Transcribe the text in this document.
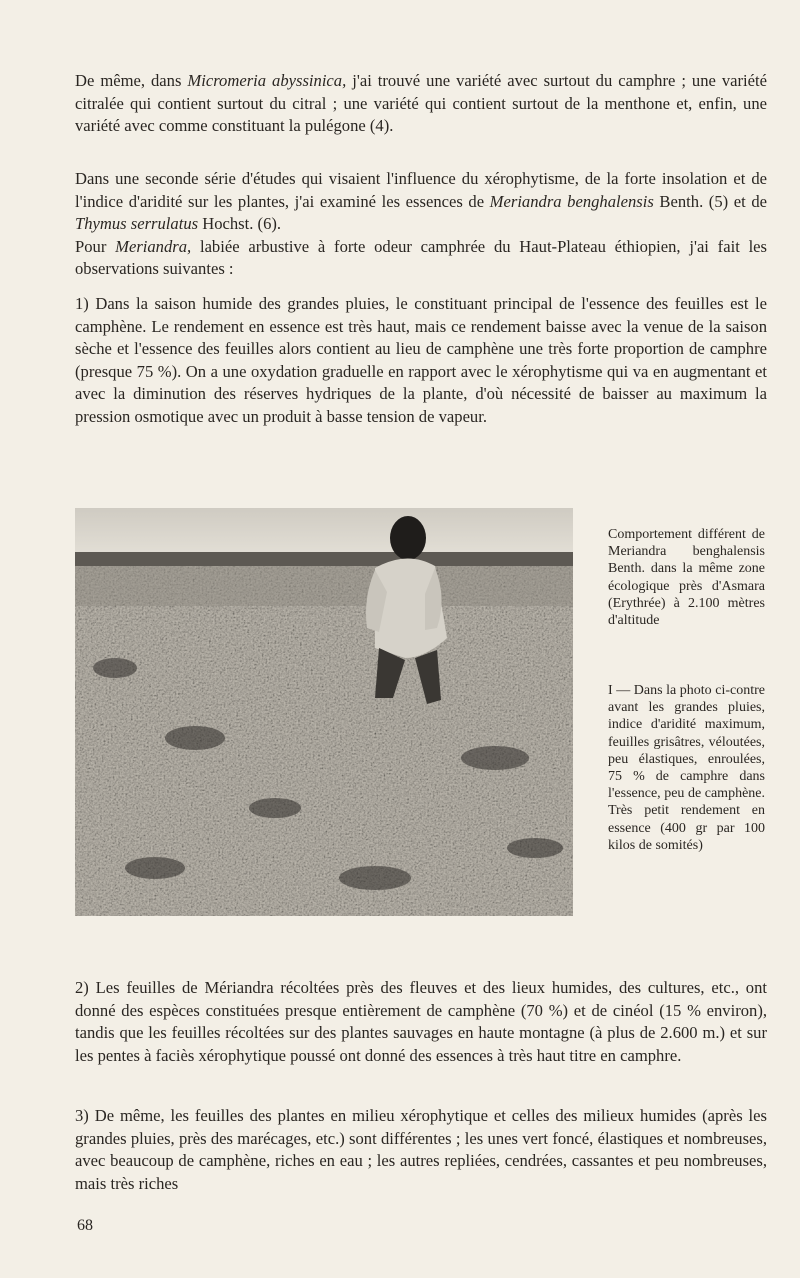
De même, dans Micromeria abyssinica, j'ai trouvé une variété avec surtout du camphre ; une variété citralée qui contient surtout du citral ; une variété qui contient surtout de la menthone et, enfin, une variété avec comme constituant la pulégone (4).

Dans une seconde série d'études qui visaient l'influence du xérophytisme, de la forte insolation et de l'indice d'aridité sur les plantes, j'ai examiné les essences de Meriandra benghalensis Benth. (5) et de Thymus serrulatus Hochst. (6).

Pour Meriandra, labiée arbustive à forte odeur camphrée du Haut-Plateau éthiopien, j'ai fait les observations suivantes :

1) Dans la saison humide des grandes pluies, le constituant principal de l'essence des feuilles est le camphène. Le rendement en essence est très haut, mais ce rendement baisse avec la venue de la saison sèche et l'essence des feuilles alors contient au lieu de camphène une très forte proportion de camphre (presque 75 %). On a une oxydation graduelle en rapport avec le xérophytisme qui va en augmentant et avec la diminution des réserves hydriques de la plante, d'où nécessité de baisser au maximum la pression osmotique avec un produit à basse tension de vapeur.

Comportement différent de Meriandra benghalensis Benth. dans la même zone écologique près d'Asmara (Erythrée) à 2.100 mètres d'altitude

I — Dans la photo ci-contre avant les grandes pluies, indice d'aridité maximum, feuilles grisâtres, véloutées, peu élastiques, enroulées, 75 % de camphre dans l'essence, peu de camphène. Très petit rendement en essence (400 gr par 100 kilos de somités)

2) Les feuilles de Mériandra récoltées près des fleuves et des lieux humides, des cultures, etc., ont donné des espèces constituées presque entièrement de camphène (70 %) et de cinéol (15 % environ), tandis que les feuilles récoltées sur des plantes sauvages en haute montagne (à plus de 2.600 m.) et sur les pentes à faciès xérophytique poussé ont donné des essences à très haut titre en camphre.

3) De même, les feuilles des plantes en milieu xérophytique et celles des milieux humides (après les grandes pluies, près des marécages, etc.) sont différentes ; les unes vert foncé, élastiques et nombreuses, avec beaucoup de camphène, riches en eau ; les autres repliées, cendrées, cassantes et peu nombreuses, mais très riches

68
